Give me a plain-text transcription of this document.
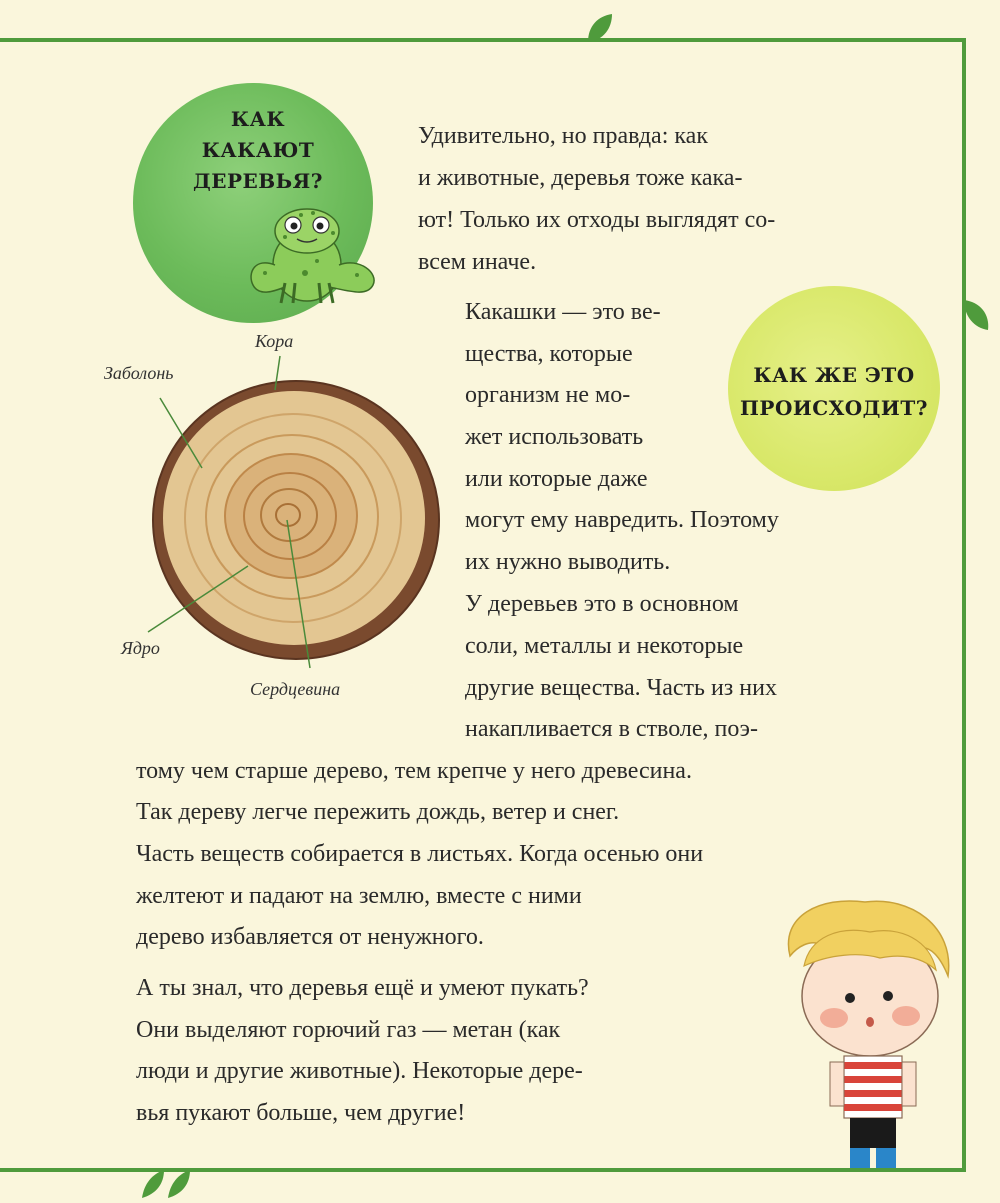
КАК
КАКАЮТ
ДЕРЕВЬЯ?
КАК ЖЕ ЭТО
ПРОИСХОДИТ?
Кора
Заболонь
Ядро
Сердцевина
Удивительно, но правда: как
и животные, деревья тоже кака-
ют! Только их отходы выглядят со-
всем иначе.
Какашки — это ве-
щества, которые
организм не мо-
жет использовать
или которые даже
могут ему навредить. Поэтому
их нужно выводить.
У деревьев это в основном
соли, металлы и некоторые
другие вещества. Часть из них
накапливается в стволе, поэ-
тому чем старше дерево, тем крепче у него древесина.
Так дереву легче пережить дождь, ветер и снег.
Часть веществ собирается в листьях. Когда осенью они
желтеют и падают на землю, вместе с ними
дерево избавляется от ненужного.
А ты знал, что деревья ещё и умеют пукать?
Они выделяют горючий газ — метан (как
люди и другие животные). Некоторые дере-
вья пукают больше, чем другие!
